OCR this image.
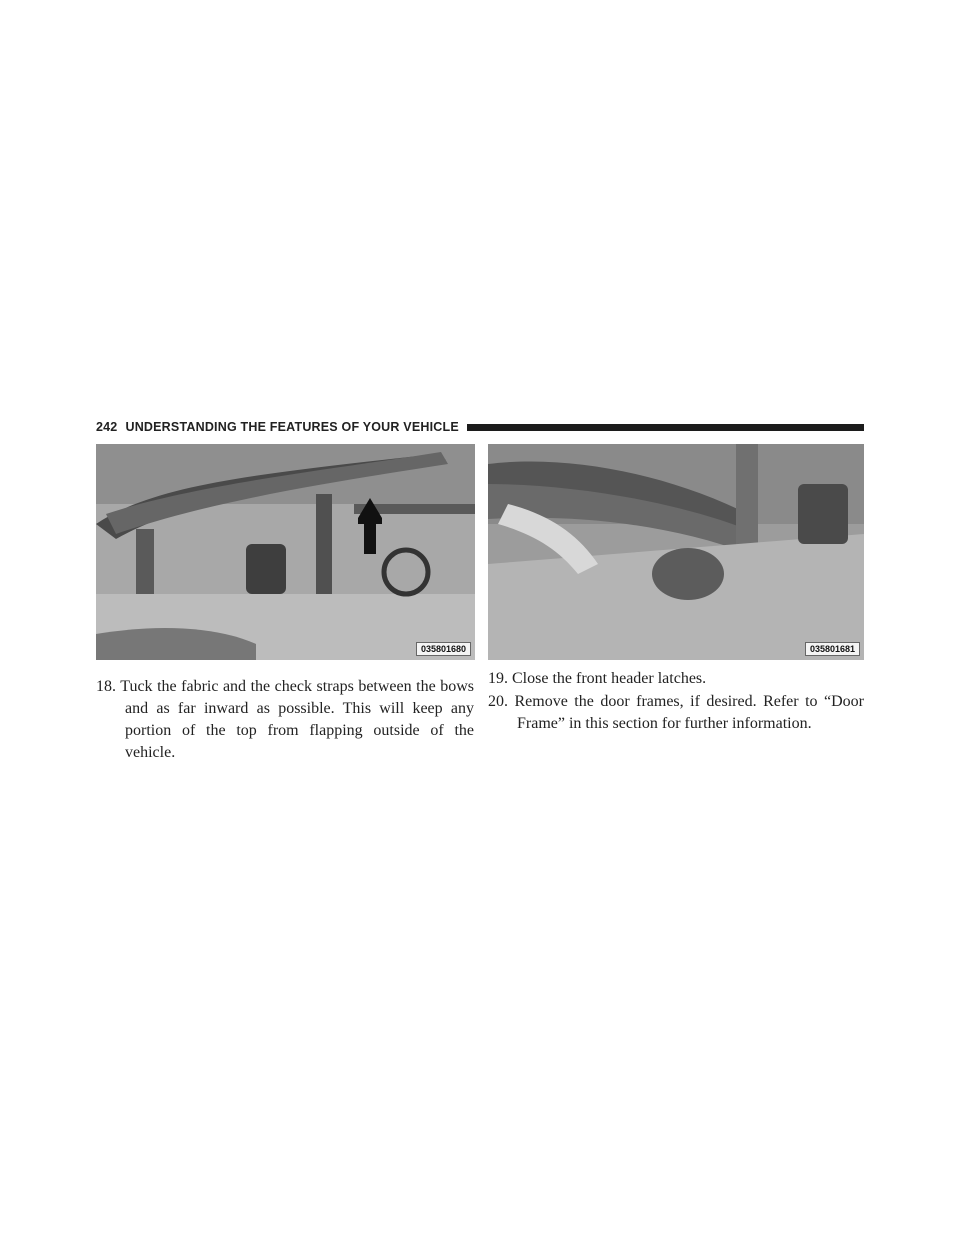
242 UNDERSTANDING THE FEATURES OF YOUR VEHICLE
035801680	035801681
18. Tuck the fabric and the check straps between the bows and as far inward as possible. This will keep any portion of the top from flapping outside of the vehicle.
19. Close the front header latches.
20. Remove the door frames, if desired. Refer to “Door Frame” in this section for further information.
